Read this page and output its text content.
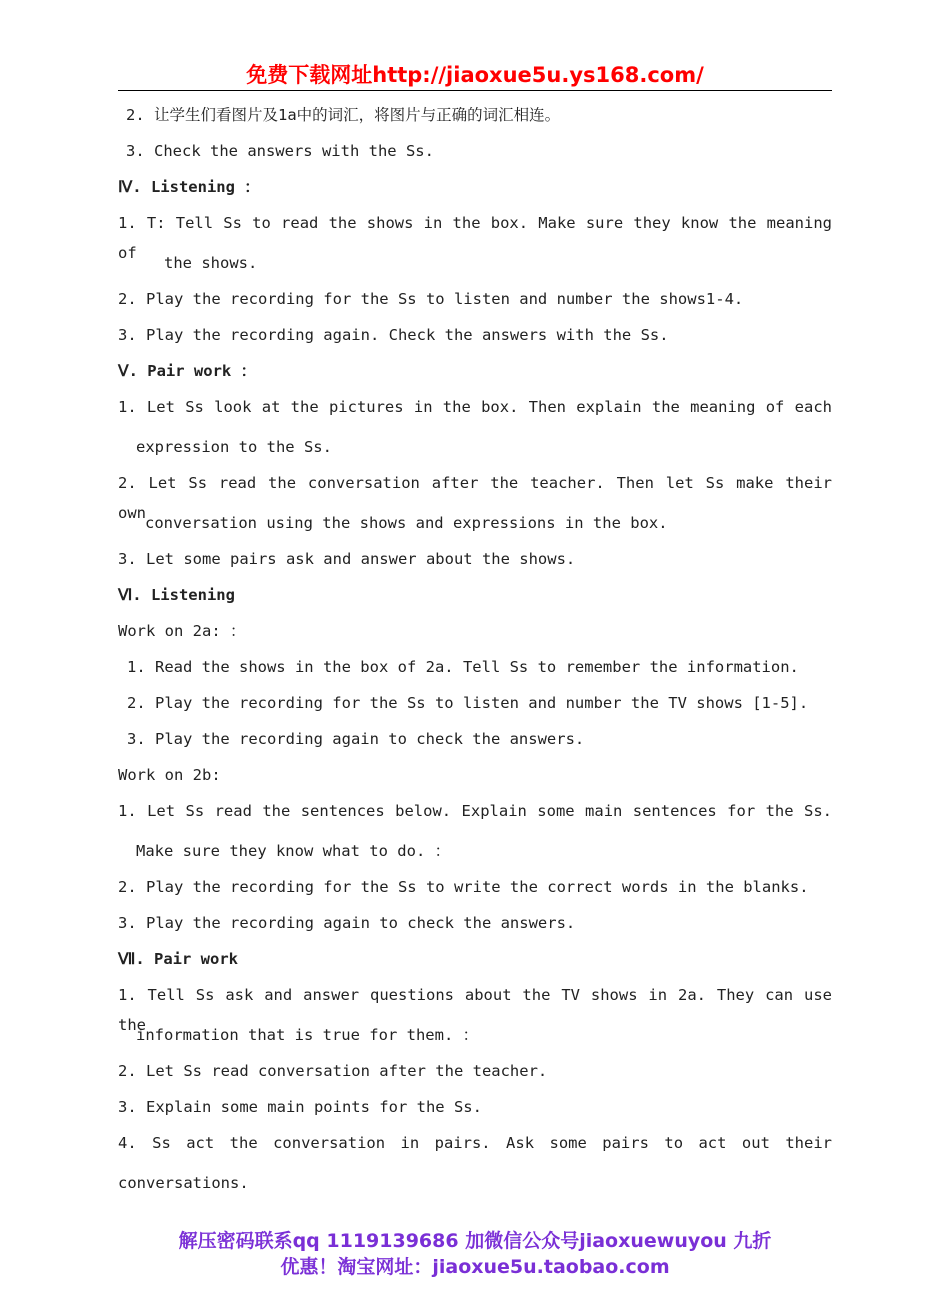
免费下载网址http://jiaoxue5u.ys168.com/
2. 让学生们看图片及1a中的词汇，将图片与正确的词汇相连。
3. Check the answers with the Ss.
Ⅳ. Listening ：
1. T: Tell Ss to read the shows in the box. Make sure they know the meaning of
the shows.
2. Play the recording for the Ss to listen and number the shows1-4.
3. Play the recording again. Check the answers with the Ss.
Ⅴ. Pair work ：
1. Let Ss look at the pictures in the box. Then explain the meaning of each
expression to the Ss.
2. Let Ss read the conversation after the teacher. Then let Ss make their own
conversation using the shows and expressions in the box.
3. Let some pairs ask and answer about the shows.
Ⅵ. Listening
Work on 2a: ：
1. Read the shows in the box of 2a. Tell Ss to remember the information.
2. Play the recording for the Ss to listen and number the TV shows [1-5].
3. Play the recording again to check the answers.
Work on 2b:
1. Let Ss read the sentences below. Explain some main sentences for the Ss.
Make sure they know what to do. ：
2. Play the recording for the Ss to write the correct words in the blanks.
3. Play the recording again to check the answers.
Ⅶ. Pair work
1. Tell Ss ask and answer questions about the TV shows in 2a. They can use the
information that is true for them. ：
2. Let Ss read conversation after the teacher.
3. Explain some main points for the Ss.
4. Ss act the conversation in pairs. Ask some pairs to act out their
conversations.
解压密码联系qq 1119139686 加微信公众号jiaoxuewuyou 九折
优惠！淘宝网址：jiaoxue5u.taobao.com
